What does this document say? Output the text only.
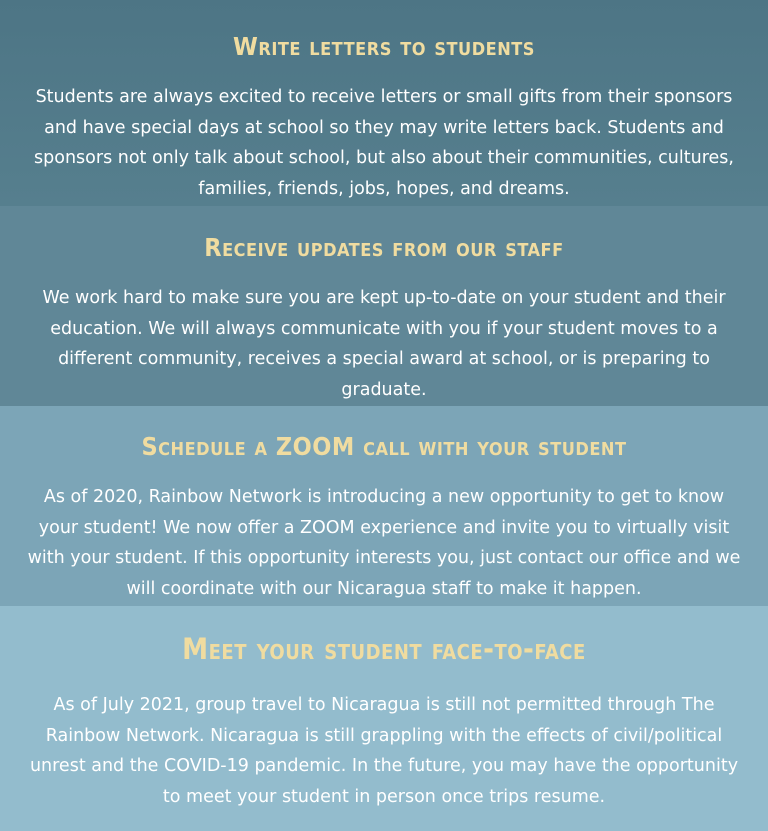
Write letters to students

Students are always excited to receive letters or small gifts from their sponsors and have special days at school so they may write letters back. Students and sponsors not only talk about school, but also about their communities, cultures, families, friends, jobs, hopes, and dreams.

Receive updates from our staff

We work hard to make sure you are kept up-to-date on your student and their education. We will always communicate with you if your student moves to a different community, receives a special award at school, or is preparing to graduate.

Schedule a ZOOM call with your student

As of 2020, Rainbow Network is introducing a new opportunity to get to know your student! We now offer a ZOOM experience and invite you to virtually visit with your student. If this opportunity interests you, just contact our office and we will coordinate with our Nicaragua staff to make it happen.

Meet your student face-to-face

As of July 2021, group travel to Nicaragua is still not permitted through The Rainbow Network. Nicaragua is still grappling with the effects of civil/political unrest and the COVID-19 pandemic. In the future, you may have the opportunity to meet your student in person once trips resume.
